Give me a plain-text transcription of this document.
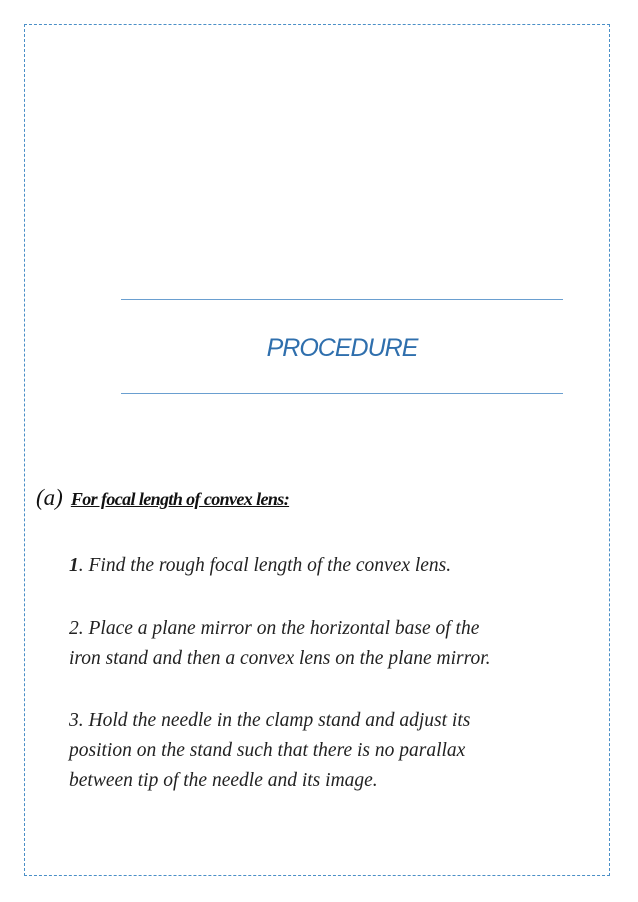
PROCEDURE
(a) For focal length of convex lens:
1. Find the rough focal length of the convex lens.
2. Place a plane mirror on the horizontal base of the
iron stand and then a convex lens on the plane mirror.
3. Hold the needle in the clamp stand and adjust its
position on the stand such that there is no parallax
between tip of the needle and its image.
